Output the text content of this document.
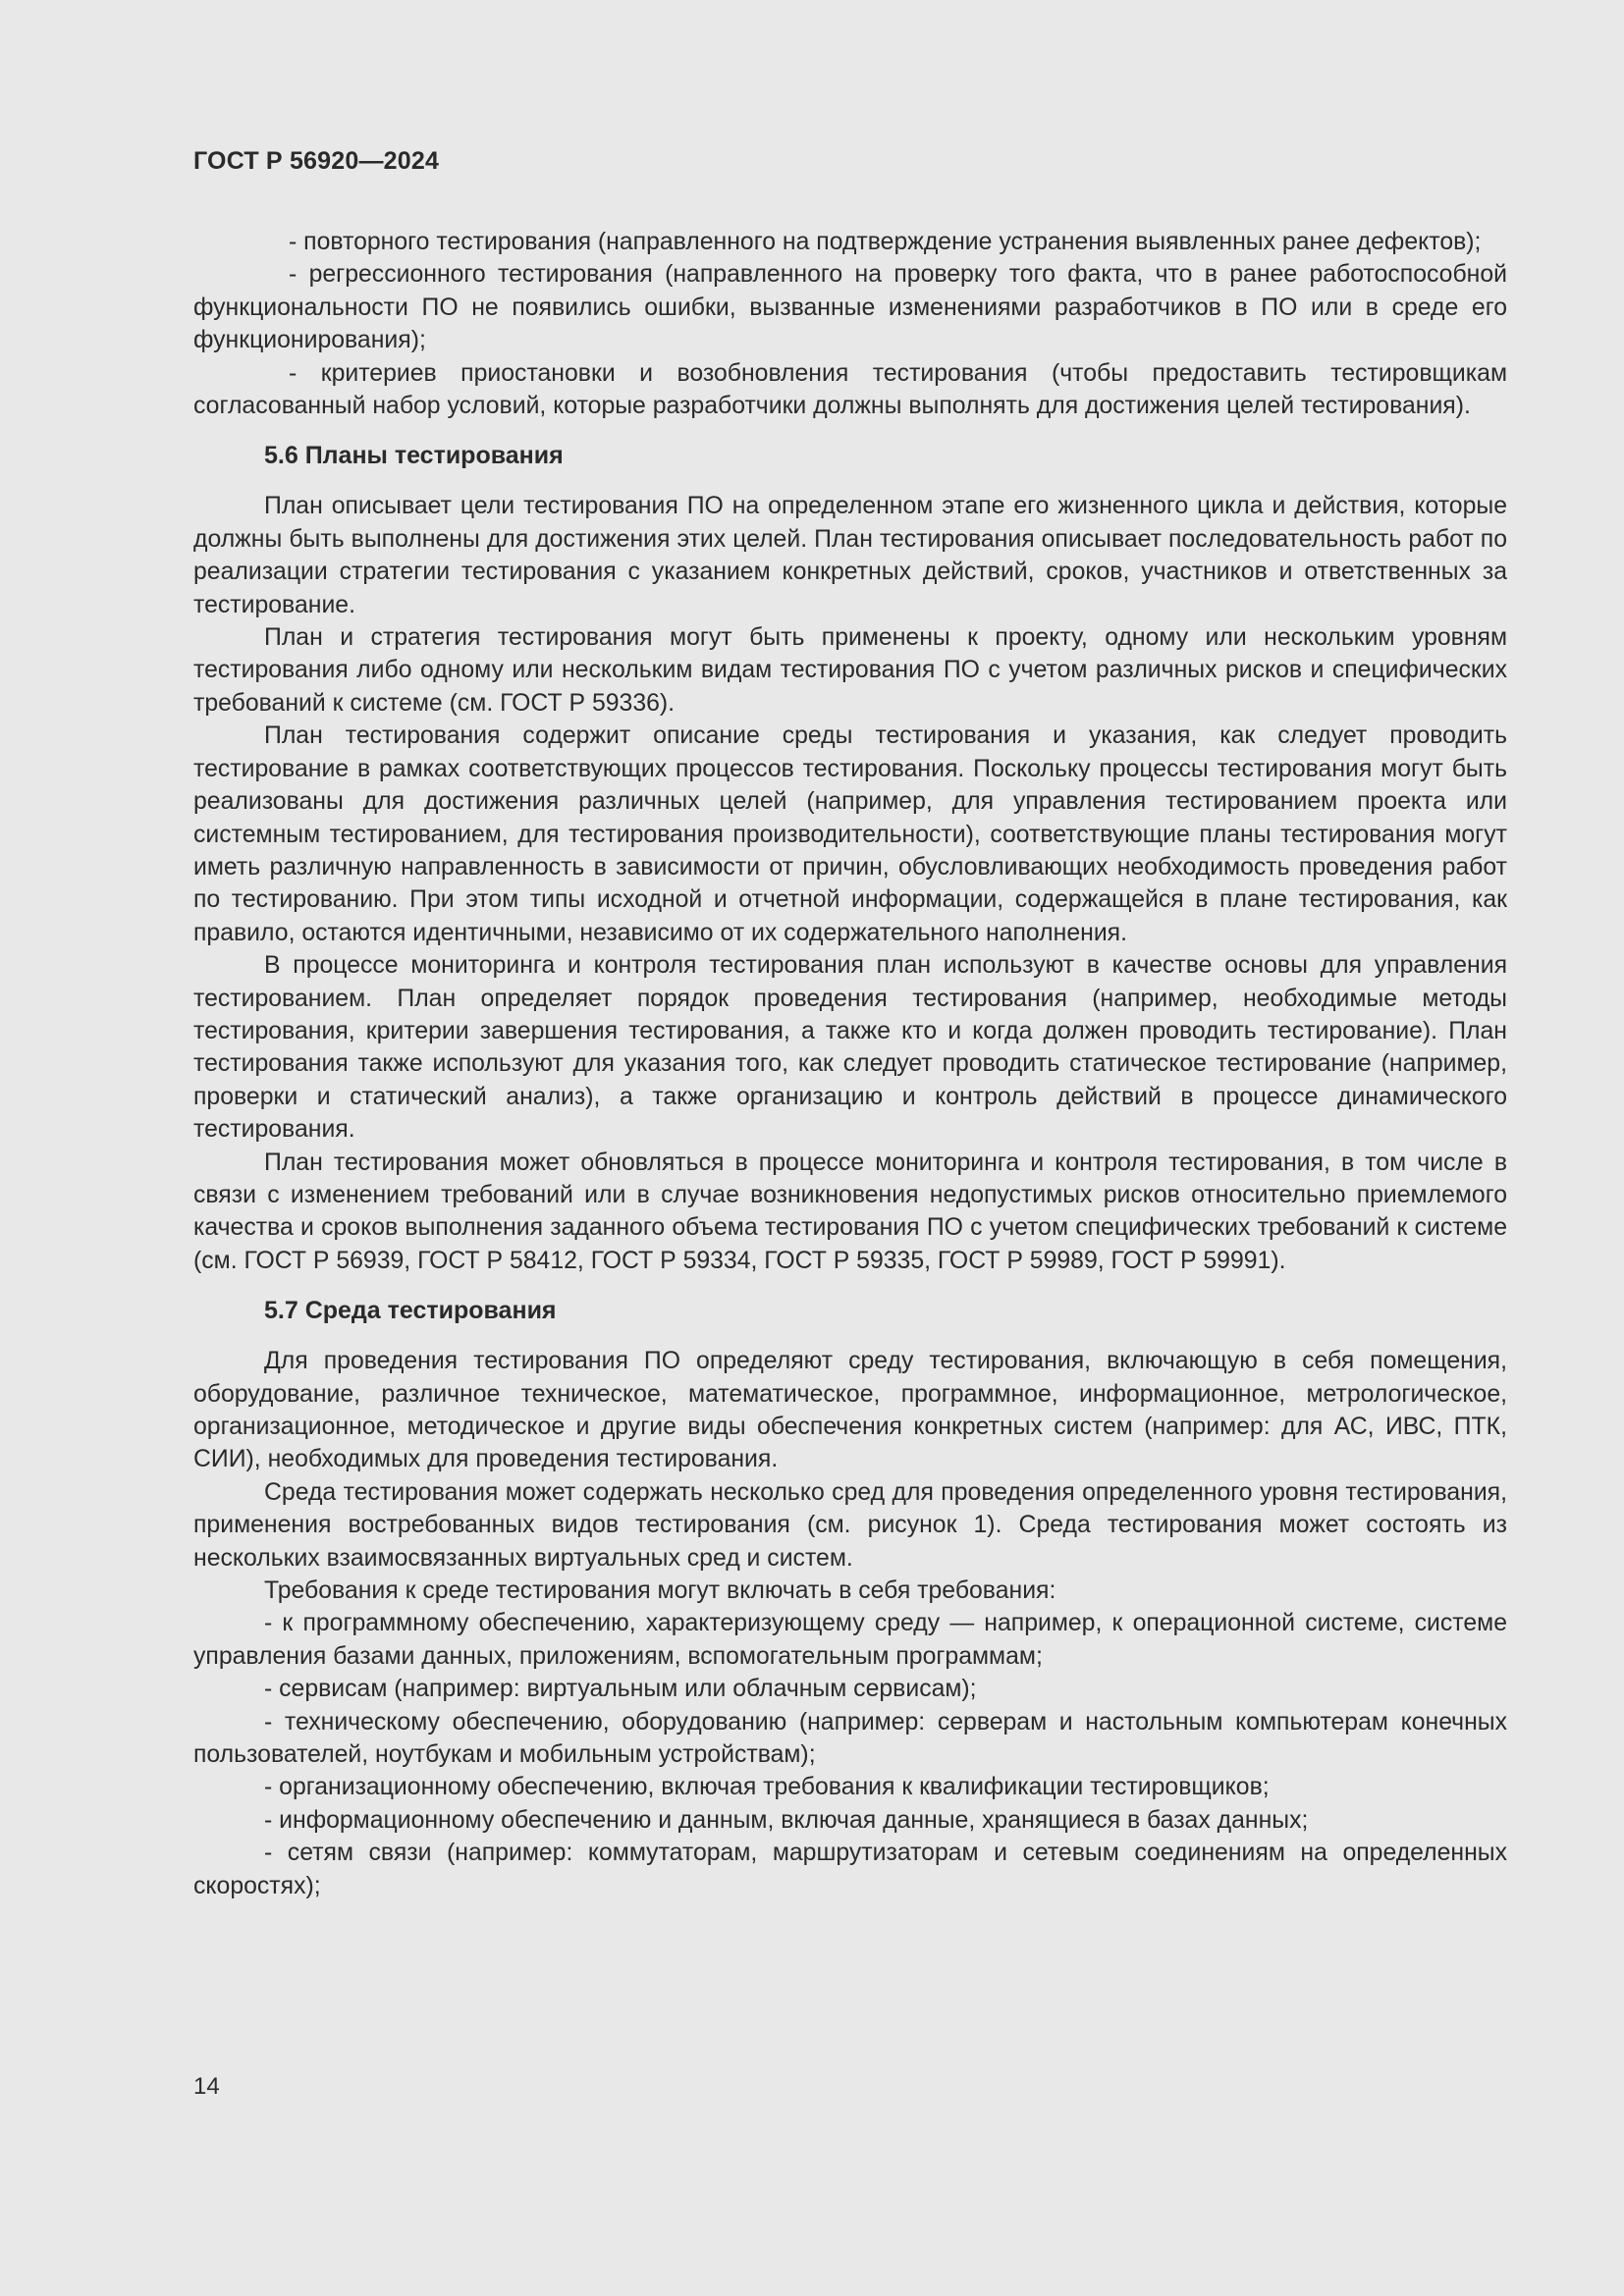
ГОСТ Р 56920—2024

- повторного тестирования (направленного на подтверждение устранения выявленных ранее дефектов);

- регрессионного тестирования (направленного на проверку того факта, что в ранее работоспособной функциональности ПО не появились ошибки, вызванные изменениями разработчиков в ПО или в среде его функционирования);

- критериев приостановки и возобновления тестирования (чтобы предоставить тестировщикам согласованный набор условий, которые разработчики должны выполнять для достижения целей тестирования).

5.6 Планы тестирования

План описывает цели тестирования ПО на определенном этапе его жизненного цикла и действия, которые должны быть выполнены для достижения этих целей. План тестирования описывает последовательность работ по реализации стратегии тестирования с указанием конкретных действий, сроков, участников и ответственных за тестирование.

План и стратегия тестирования могут быть применены к проекту, одному или нескольким уровням тестирования либо одному или нескольким видам тестирования ПО с учетом различных рисков и специфических требований к системе (см. ГОСТ Р 59336).

План тестирования содержит описание среды тестирования и указания, как следует проводить тестирование в рамках соответствующих процессов тестирования. Поскольку процессы тестирования могут быть реализованы для достижения различных целей (например, для управления тестированием проекта или системным тестированием, для тестирования производительности), соответствующие планы тестирования могут иметь различную направленность в зависимости от причин, обусловливающих необходимость проведения работ по тестированию. При этом типы исходной и отчетной информации, содержащейся в плане тестирования, как правило, остаются идентичными, независимо от их содержательного наполнения.

В процессе мониторинга и контроля тестирования план используют в качестве основы для управления тестированием. План определяет порядок проведения тестирования (например, необходимые методы тестирования, критерии завершения тестирования, а также кто и когда должен проводить тестирование). План тестирования также используют для указания того, как следует проводить статическое тестирование (например, проверки и статический анализ), а также организацию и контроль действий в процессе динамического тестирования.

План тестирования может обновляться в процессе мониторинга и контроля тестирования, в том числе в связи с изменением требований или в случае возникновения недопустимых рисков относительно приемлемого качества и сроков выполнения заданного объема тестирования ПО с учетом специфических требований к системе (см. ГОСТ Р 56939, ГОСТ Р 58412, ГОСТ Р 59334, ГОСТ Р 59335, ГОСТ Р 59989, ГОСТ Р 59991).

5.7 Среда тестирования

Для проведения тестирования ПО определяют среду тестирования, включающую в себя помещения, оборудование, различное техническое, математическое, программное, информационное, метрологическое, организационное, методическое и другие виды обеспечения конкретных систем (например: для АС, ИВС, ПТК, СИИ), необходимых для проведения тестирования.

Среда тестирования может содержать несколько сред для проведения определенного уровня тестирования, применения востребованных видов тестирования (см. рисунок 1). Среда тестирования может состоять из нескольких взаимосвязанных виртуальных сред и систем.

Требования к среде тестирования могут включать в себя требования:

- к программному обеспечению, характеризующему среду — например, к операционной системе, системе управления базами данных, приложениям, вспомогательным программам;

- сервисам (например: виртуальным или облачным сервисам);

- техническому обеспечению, оборудованию (например: серверам и настольным компьютерам конечных пользователей, ноутбукам и мобильным устройствам);

- организационному обеспечению, включая требования к квалификации тестировщиков;

- информационному обеспечению и данным, включая данные, хранящиеся в базах данных;

- сетям связи (например: коммутаторам, маршрутизаторам и сетевым соединениям на определенных скоростях);

14
